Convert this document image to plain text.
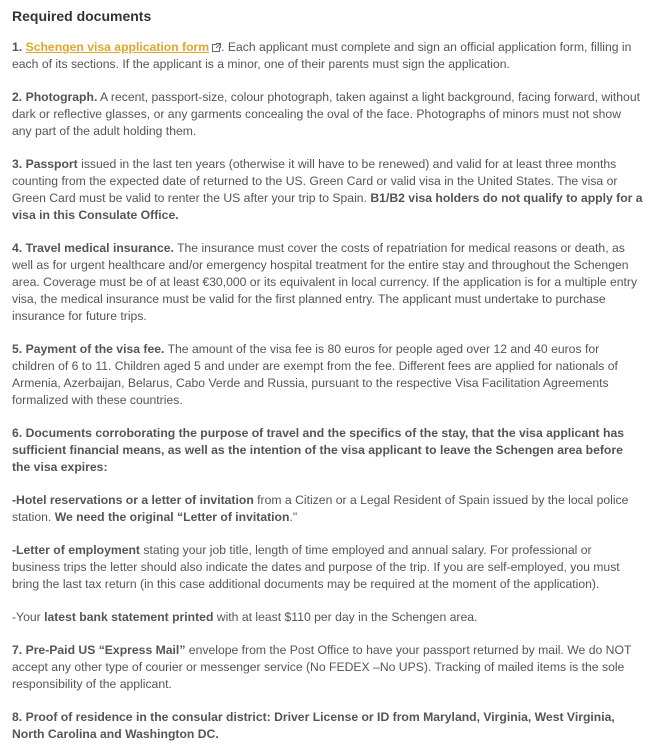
Required documents

1. Schengen visa application form . Each applicant must complete and sign an official application form, filling in each of its sections. If the applicant is a minor, one of their parents must sign the application.

2. Photograph. A recent, passport-size, colour photograph, taken against a light background, facing forward, without dark or reflective glasses, or any garments concealing the oval of the face. Photographs of minors must not show any part of the adult holding them.

3. Passport issued in the last ten years (otherwise it will have to be renewed) and valid for at least three months counting from the expected date of returned to the US. Green Card or valid visa in the United States. The visa or Green Card must be valid to renter the US after your trip to Spain. B1/B2 visa holders do not qualify to apply for a visa in this Consulate Office.

4. Travel medical insurance. The insurance must cover the costs of repatriation for medical reasons or death, as well as for urgent healthcare and/or emergency hospital treatment for the entire stay and throughout the Schengen area. Coverage must be of at least €30,000 or its equivalent in local currency. If the application is for a multiple entry visa, the medical insurance must be valid for the first planned entry. The applicant must undertake to purchase insurance for future trips.

5. Payment of the visa fee. The amount of the visa fee is 80 euros for people aged over 12 and 40 euros for children of 6 to 11. Children aged 5 and under are exempt from the fee. Different fees are applied for nationals of Armenia, Azerbaijan, Belarus, Cabo Verde and Russia, pursuant to the respective Visa Facilitation Agreements formalized with these countries.

6. Documents corroborating the purpose of travel and the specifics of the stay, that the visa applicant has sufficient financial means, as well as the intention of the visa applicant to leave the Schengen area before the visa expires:

-Hotel reservations or a letter of invitation from a Citizen or a Legal Resident of Spain issued by the local police station. We need the original “Letter of invitation."

-Letter of employment stating your job title, length of time employed and annual salary. For professional or business trips the letter should also indicate the dates and purpose of the trip. If you are self-employed, you must bring the last tax return (in this case additional documents may be required at the moment of the application).

-Your latest bank statement printed with at least $110 per day in the Schengen area.

7. Pre-Paid US “Express Mail” envelope from the Post Office to have your passport returned by mail. We do NOT accept any other type of courier or messenger service (No FEDEX –No UPS). Tracking of mailed items is the sole responsibility of the applicant.

8. Proof of residence in the consular district: Driver License or ID from Maryland, Virginia, West Virginia, North Carolina and Washington DC.
